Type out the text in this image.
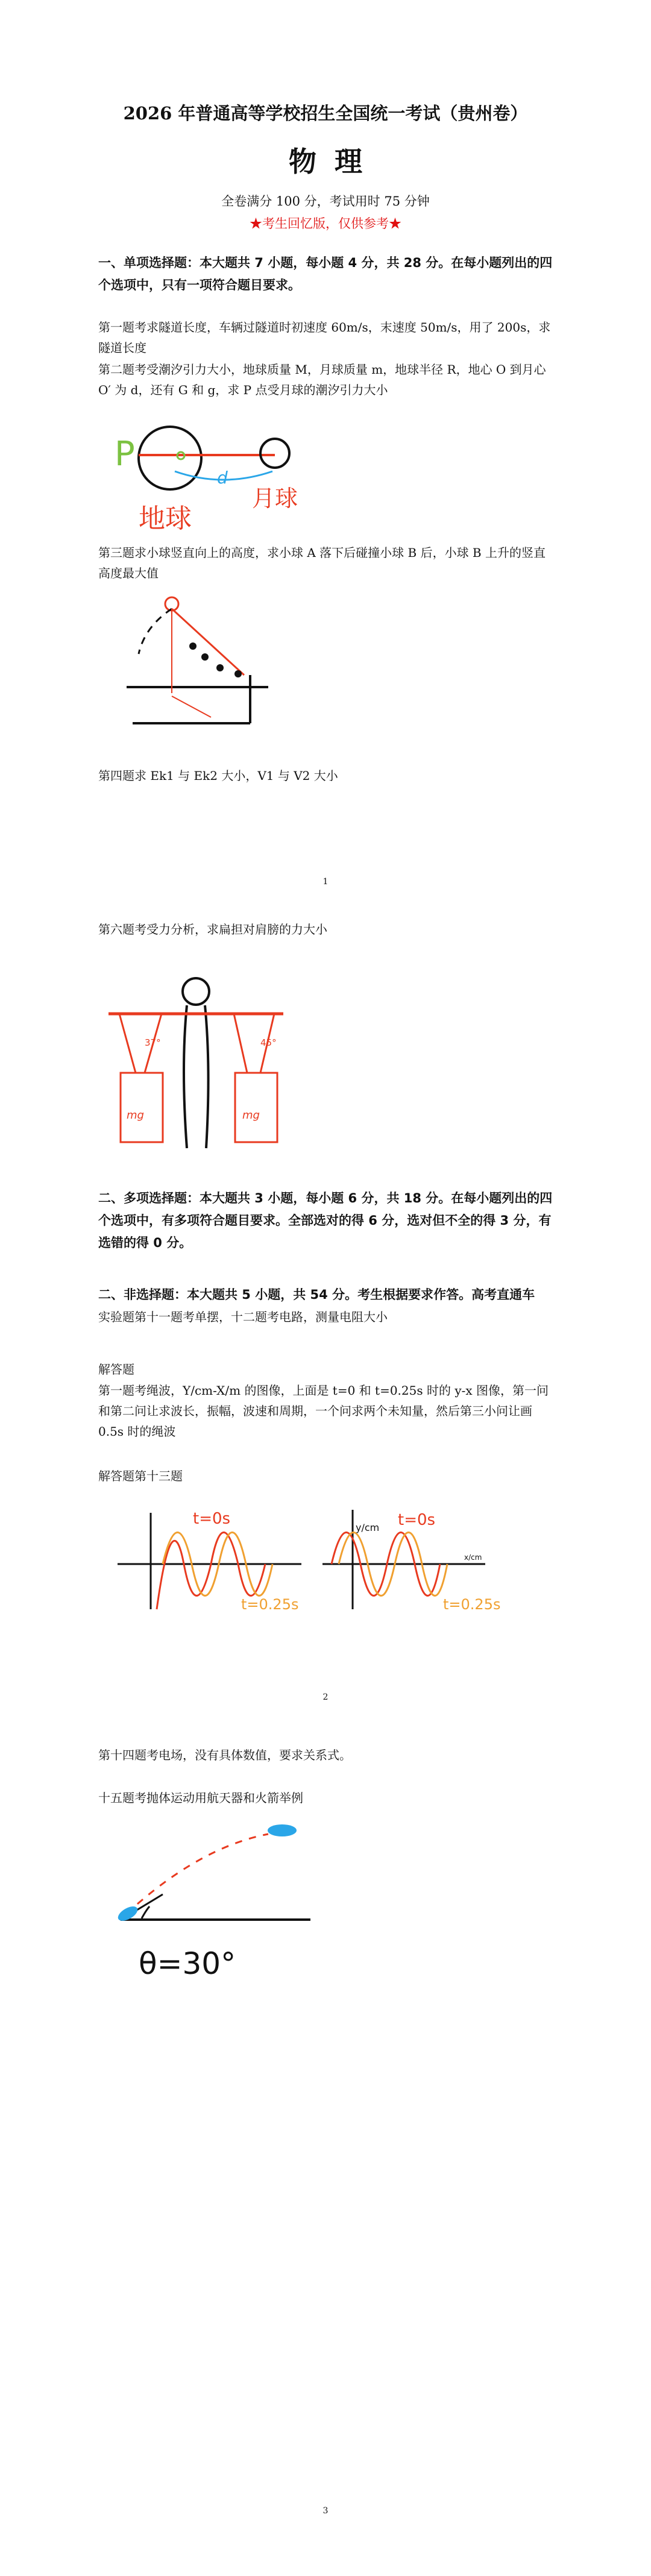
2026 年普通高等学校招生全国统一考试（贵州卷）
物理
全卷满分 100 分，考试用时 75 分钟
★考生回忆版，仅供参考★
一、单项选择题：本大题共 7 小题，每小题 4 分，共 28 分。在每小题列出的四个选项中，只有一项符合题目要求。
第一题考求隧道长度，车辆过隧道时初速度 60m/s，末速度 50m/s，用了 200s，求隧道长度
第二题考受潮汐引力大小，地球质量 M，月球质量 m，地球半径 R，地心 O 到月心 O′ 为 d，还有 G 和 g，求 P 点受月球的潮汐引力大小
P
d
地球
月球
第三题求小球竖直向上的高度，求小球 A 落下后碰撞小球 B 后，小球 B 上升的竖直高度最大值
第四题求 Ek1 与 Ek2 大小，V1 与 V2 大小
1
第六题考受力分析，求扁担对肩膀的力大小
mg	mg
37°	45°
二、多项选择题：本大题共 3 小题，每小题 6 分，共 18 分。在每小题列出的四个选项中，有多项符合题目要求。全部选对的得 6 分，选对但不全的得 3 分，有选错的得 0 分。
二、非选择题：本大题共 5 小题，共 54 分。考生根据要求作答。高考直通车
实验题第十一题考单摆，十二题考电路，测量电阻大小
解答题
第一题考绳波，Y/cm-X/m 的图像，上面是 t=0 和 t=0.25s 时的 y-x 图像，第一问和第二问让求波长，振幅，波速和周期，一个问求两个未知量，然后第三小问让画 0.5s 时的绳波
解答题第十三题
t=0s
t=0.25s
y/cm
x/cm
t=0s
t=0.25s
2
第十四题考电场，没有具体数值，要求关系式。
十五题考抛体运动用航天器和火箭举例
θ=30°
3
